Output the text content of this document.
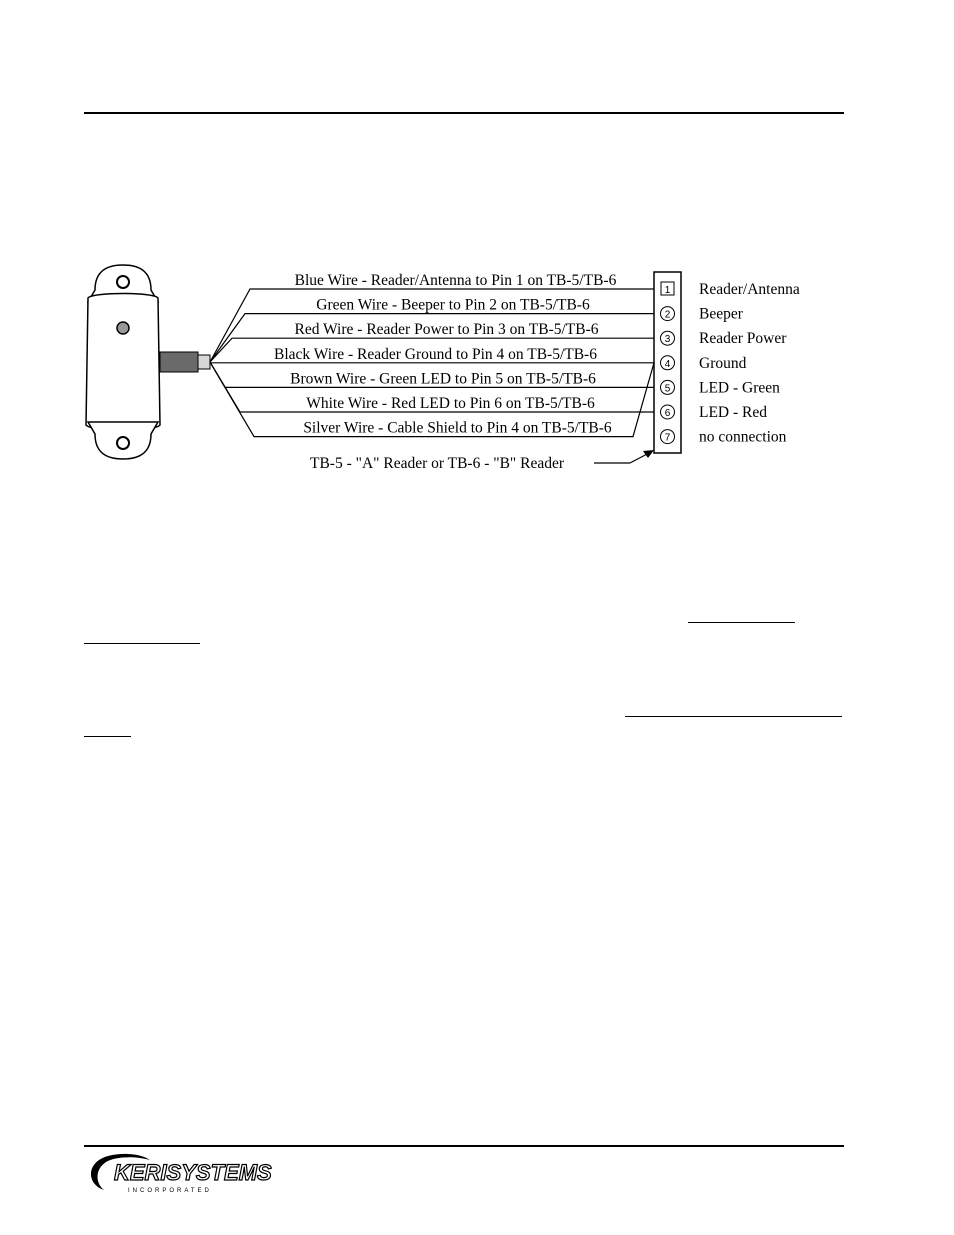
Blue Wire - Reader/Antenna to Pin 1 on TB-5/TB-6
Green Wire - Beeper to Pin 2 on TB-5/TB-6
Red Wire - Reader Power to Pin 3 on TB-5/TB-6
Black Wire - Reader Ground to Pin 4 on TB-5/TB-6
Brown Wire - Green LED to Pin 5 on TB-5/TB-6
White Wire - Red LED to Pin 6 on TB-5/TB-6
Silver Wire - Cable Shield to Pin 4 on TB-5/TB-6
1 Reader/Antenna
2 Beeper
3 Reader Power
4 Ground
5 LED - Green
6 LED - Red
7 no connection
TB-5 - "A" Reader or TB-6 - "B" Reader
KERISYSTEMS
INCORPORATED
